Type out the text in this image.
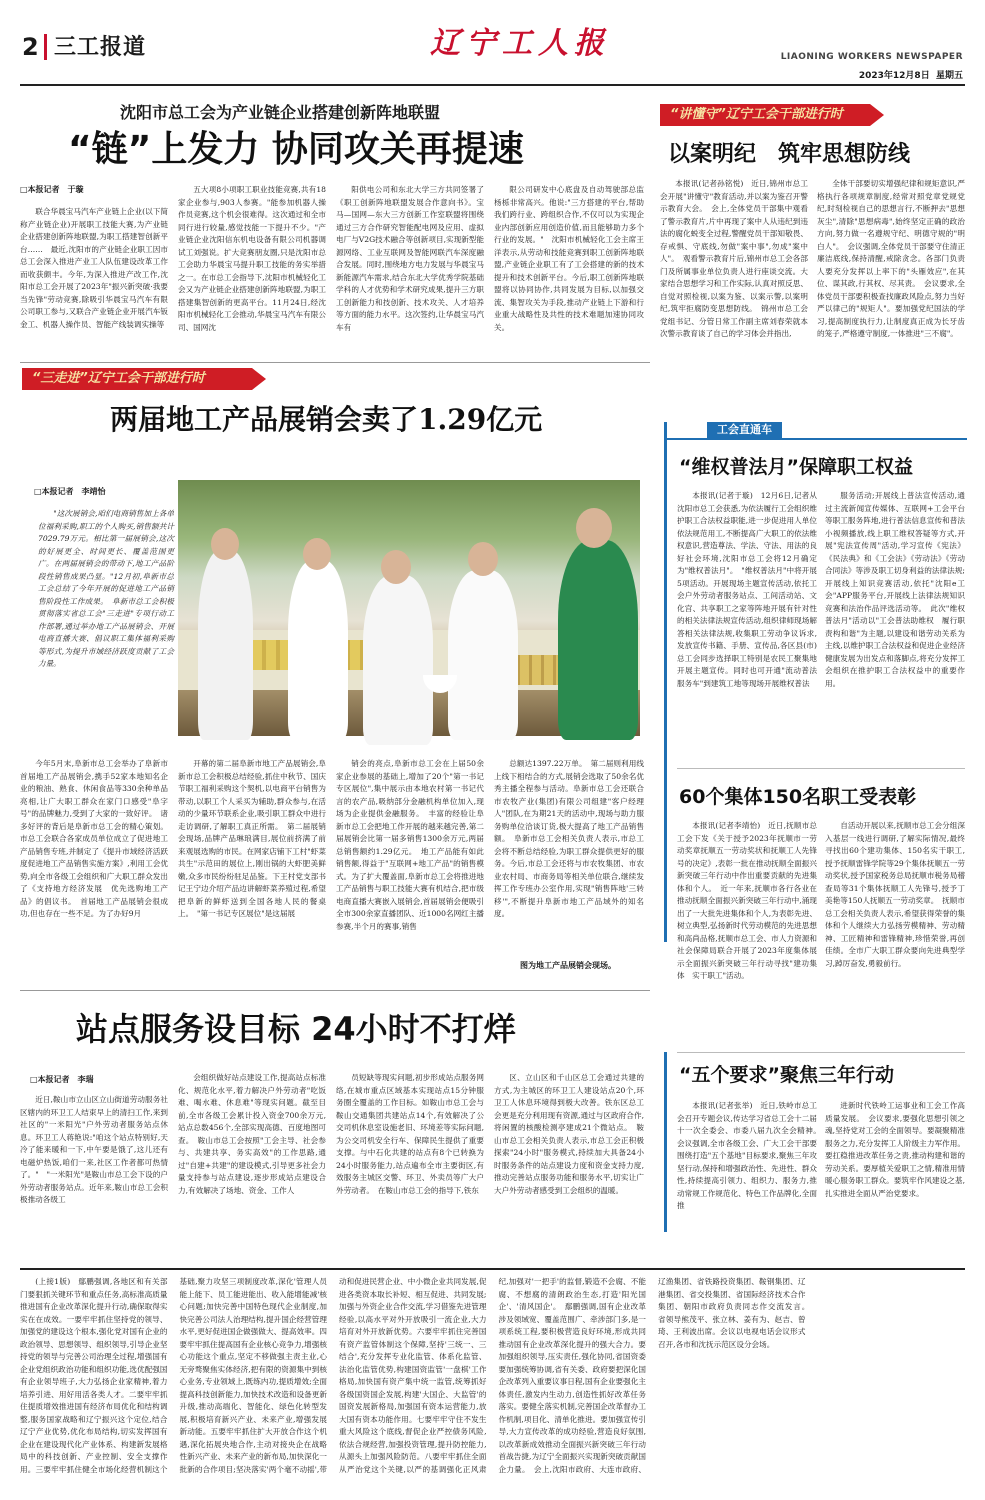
2 三工报道	辽宁工人报	LIAONING WORKERS NEWSPAPER
2023年12月8日 星期五
沈阳市总工会为产业链企业搭建创新阵地联盟
“链”上发力 协同攻关再提速
□本报记者　于璇
联合华晨宝马汽车产业链上企业(以下简称产业链企业)开展职工技能大赛,为产业链企业搭建创新阵地联盟,为职工搭建智创新平台……　最近,沈阳市的产业链企业职工因市总工会深入推进产业工人队伍建设改革工作而收获颇丰。今年,为深入推进产改工作,沈阳市总工会开展了2023年"振兴新突破·我要当先锋"劳动竞赛,除吸引华晨宝马汽车有限公司职工参与,又联合产业链企业开展汽车钣金工、机器人操作员、智能产线装调实操等
五大项8小项职工职业技能竞赛,共有18家企业参与,903人参赛。"能参加机器人操作员竞赛,这个机会很难得。这次通过和全市同行进行较量,感觉技能一下提升不少。"产业链企业沈阳信东机电设备有限公司机器调试工刘强说。扩大竞赛朋友圈,只是沈阳市总工会助力华晨宝马提升职工技能的务实举措之一。在市总工会指导下,沈阳市机械轻化工会又为产业链企业搭建创新阵地联盟,为职工搭建集智创新的更高平台。11月24日,经沈阳市机械轻化工会推动,华晨宝马汽车有限公司、国网沈
阳供电公司和东北大学三方共同签署了《职工创新阵地联盟发展合作意向书》。宝马—国网—东大三方创新工作室联盟将围绕通过三方合作研究智能配电网及应用、虚拟电厂与V2G技术融合等创新项目,实现新型能源网络、工业互联网及智能网联汽车深度融合发展。同时,围绕地方电力发展与华晨宝马新能源汽车需求,结合东北大学优秀学院基础学科的人才优势和学术研究成果,提升三方职工创新能力和技创新、技术攻关、人才培养等方面的能力水平。这次签约,让华晨宝马汽车有
限公司研发中心底盘及自动驾驶部总监杨栎非常高兴。他说:"三方搭建的平台,帮助我们跨行业、跨组织合作,不仅可以为实现企业内部创新应用创造价值,而且能够助力多个行业的发展。"　沈阳市机械轻化工会主席王洋表示,从劳动和技能竞赛到职工创新阵地联盟,产业链企业职工有了工会搭建的新的技术提升和技术创新平台。今后,职工创新阵地联盟将以协同协作,共同发展为目标,以加强交流、集智攻关为手段,推动产业链上下游和行业重大战略性及共性的技术难题加速协同攻关。
“讲懂守”辽宁工会干部进行时
以案明纪　筑牢思想防线
本报讯(记者孙铭悦)　近日,锦州市总工会开展"讲懂守"教育活动,并以案为鉴召开警示教育大会。　会上,全体党员干部集中观看了警示教育片,片中再现了案中人从违纪到违法的腐化蜕变全过程,警醒党员干部知敬畏、存戒惧、守底线,勿做"案中事",勿成"案中人"。　观看警示教育片后,锦州市总工会各部门及所属事业单位负责人进行座谈交流。大家结合思想学习和工作实际,认真对照反思、自觉对照检视,以案为鉴、以案示警,以案明纪,筑牢拒腐防变思想防线。　锦州市总工会党组书记、分管日常工作副主席刘春荣就本次警示教育谈了自己的学习体会并指出,
全体干部要切实增强纪律和规矩意识,严格执行各项规章制度,经常对照党章党规党纪,时刻检视自己的思想言行,不断押去"思想灰尘",清除"思想病毒",始终坚定正确的政治方向,努力做一名遵规守纪、明德守规的"明白人"。　会议强调,全体党员干部要守住清正廉洁底线,保持清醒,戒除贪念。各部门负责人要充分发挥以上率下的"头雁效应",在其位、谋其政,行其权、尽其责。　会议要求,全体党员干部要积极查找廉政风险点,努力当好严以律己的"规矩人"。要加强党纪国法的学习,提高制度执行力,让制度真正成为长牙齿的笼子,严格遵守制度,一体推进"三不腐"。
“三走进”辽宁工会干部进行时
两届地工产品展销会卖了1.29亿元
□本报记者　李靖怡
"这次展销会,咱们电商销售加上各单位福利采购,职工的个人购买,销售额共计7029.79万元。相比第一届展销会,这次的好展更全、时间更长、覆盖范围更广。在两届展销会的带动下,地工产品阶段性销售成果凸显。"12月初,阜新市总工会总结了今年开展的促进地工产品销售阶段性工作成果。　阜新市总工会积极贯彻落实省总工会"三走进"专项行动工作部署,通过举办地工产品展销会、开展电商直播大赛、倡议职工集体福利采购等形式,为提升市域经济跃度贡献了工会力量。
今年5月末,阜新市总工会举办了阜新市首届地工产品展销会,携手52家本地知名企业的粮油、熟食、休闲食品等330余种单品亮相,让广大职工群众在家门口感受"阜字号"的品牌魅力,受到了大家的一致好评。　诸多好评的背后是阜新市总工会的精心策划。市总工会联合各家成员单位成立了促进地工产品销售专班,并制定了《提升市域经济活跃度促进地工产品销售实施方案》,利用工会优势,向全市各级工会组织和广大职工群众发出了《支持地方经济发展　优先选购地工产品》的倡议书。　首届地工产品展销会很成功,但也存在一些不足。为了办好9月
开幕的第二届阜新市地工产品展销会,阜新市总工会积极总结经验,抓住中秋节、国庆节职工福利采购这个契机,以电商平台销售为带动,以职工个人采买为辅助,群众参与,在活动的少量环节联系企业,吸引职工群众中进行走访调研,了解职工真正所需。　第二届展销会现场,品牌产品琳琅满目,展位前挤满了前来观展选购的市民。在网家店铺下工村"虾菜共生"示范田的展位上,刚出锅的大虾肥美鲜嫩,众多市民纷纷驻足品鉴。下王村党支部书记王宁边介绍产品边讲解虾菜养殖过程,希望把阜新的鲜虾送到全国各地人民的餐桌上。　"第一书记专区展位"是这届展
销会的亮点,阜新市总工会在上届50余家企业参展的基础上,增加了20个"第一书记专区展位",集中展示由本地农村第一书记代言的农产品,吸纳部分金融机构单位加入,现场为企业提供金融服务。　丰富的经验让阜新市总工会把地工作开展的越来越完善,第二届展销会比第一届多销售1300余万元,两届总销售额约1.29亿元。　地工产品能有如此销售额,得益于"互联网+地工产品"的销售模式。为了扩大覆盖面,阜新市总工会将推进地工产品销售与职工技能大赛有机结合,把市级电商直播大赛嵌入展销会,首届展销会便吸引全市300余家直播团队、近1000名网红主播参赛,半个月的赛事,销售
总额达1397.22万单。　第二届则利用线上线下相结合的方式,展销会选取了50余名优秀主播全程参与活动。阜新市总工会还联合市农牧产业(集团)有限公司组建"客户经理人"团队,在为期21天的活动中,现场与助力服务购单位洽谈订货,极大提高了地工产品销售额。　阜新市总工会相关负责人表示,市总工会将不断总结经验,为职工群众提供更好的服务。今后,市总工会还将与市农牧集团、市农业农村局、市商务局等相关单位联合,继续发挥工作专班办公室作用,实现"销售阵地'三转移'",不断提升阜新市地工产品域外的知名度。
图为地工产品展销会现场。
工会直通车
“维权普法月”保障职工权益
本报讯(记者于璇)　12月6日,记者从沈阳市总工会获悉,为依法履行工会组织维护职工合法权益职能,进一步促进用人单位依法规范用工,不断提高广大职工的依法维权意识,营造尊法、学法、守法、用法的良好社会环境,沈阳市总工会将12月确定为"维权普法月"。　"维权普法月"中将开展5项活动。开展现场主题宣传活动,依托工会户外劳动者服务站点、工间活动站、文化宫、共享职工之家等阵地开展有针对性的相关法律法规宣传活动,组织律师现场解答相关法律法规,收集职工劳动争议诉求,发放宣传书籍、手册、宣传品,各区县(市)总工会同步选择职工特别是农民工聚集地开展主题宣传。同时也可开通"流动普法服务车"到建筑工地等现场开展维权普法
服务活动;开展线上普法宣传活动,通过主流新闻宣传媒体、互联网+工会平台等职工服务阵地,进行普法信息宣传和普法小视频播放,线上职工维权答疑等方式,开展"宪法宣传周"活动,学习宣传《宪法》《民法典》和《工会法》《劳动法》《劳动合同法》等涉及职工切身利益的法律法规;开展线上知识竞赛活动,依托"沈阳e工会"APP服务平台,开展线上法律法规知识竞赛和法治作品评选活动等。　此次"维权普法月"活动以"工会普法助维权　履行职责构和谐"为主题,以建设和谐劳动关系为主线,以维护职工合法权益和促进企业经济健康发展为出发点和落脚点,将充分发挥工会组织在推护职工合法权益中的重要作用。
60个集体150名职工受表彰
本报讯(记者李靖怡)　近日,抚顺市总工会下发《关于授予2023年抚顺市一劳动奖章抚顺五一劳动奖状和抚顺工人先锋号的决定》,表彰一批在推动抚顺全面振兴新突破三年行动中作出重要贡献的先进集体和个人。　近一年来,抚顺市各行各业在推动抚顺全面振兴新突破三年行动中,涌现出了一大批先进集体和个人,为表彰先进、树立典型,弘扬新时代劳动模范的先进思想和高尚品格,抚顺市总工会、市人力资源和社会保障局联合开展了2023年度集体展示全面振兴新突破三年行动寻找"建功集体　实干职工"活动。
自活动开展以来,抚顺市总工会分组深入基层一线进行调研,了解实际情况,最终寻找出60个建功集体、150名实干职工,授予抚顺雷锋学院等29个集体抚顺五一劳动奖状,授予国家税务总局抚顺市税务局稽查局等31个集体抚顺工人先锋号,授予丁美艳等150人抚顺五一劳动奖章。　抚顺市总工会相关负责人表示,希望获得荣誉的集体和个人继续大力弘扬劳模精神、劳动精神、工匠精神和雷锋精神,珍惜荣誉,再创佳绩。全市广大职工群众要向先进典型学习,踔厉奋发,勇毅前行。
“五个要求”聚焦三年行动
本报讯(记者张举)　近日,铁岭市总工会召开专题会议,传达学习省总工会十二届十一次全委会、市委八届九次全会精神。　会议强调,全市各级工会、广大工会干部要围绕打造"五个基地"目标要求,聚焦三年攻坚行动,保持和增强政治性、先进性、群众性,持续提高引领力、组织力、服务力,推动常规工作规范化、特色工作品牌化,全面推
进新时代铁岭工运事业和工会工作高质量发展。　会议要求,要强化思想引领之魂,坚持党对工会的全面领导。要凝聚精准服务之力,充分发挥工人阶级主力军作用。要扛稳推进改革任务之责,推动构建和谐的劳动关系。要厚植关爱职工之情,精准用情暖心服务职工群众。要筑牢作风建设之基,扎实推进全面从严治党要求。
站点服务设目标 24小时不打烊
□本报记者　李瑞
近日,鞍山市立山区立山街道劳动服务社区辖内的环卫工人结束早上的清扫工作,来到社区的"一米阳光"户外劳动者服务站点休息。环卫工人蒋艳说:"咱这个站点特别好,天冷了能来暖和一下,中午要是饿了,这儿还有电磁炉热饭,咱们一来,社区工作者都可热情了。"　"一米阳光"是鞍山市总工会下设的户外劳动者服务站点。近年来,鞍山市总工会积极推动各级工
会组织做好站点建设工作,提高站点标准化、规范化水平,着力解决户外劳动者"吃饭难、喝水难、休息难"等现实问题。截至目前,全市各级工会累计投入资金700余万元,站点总数456个,全部实现高德、百度地图可查。　鞍山市总工会按照"工会主导、社会参与、共建共享、务实高效"的工作思路,通过"自建+共建"的建设模式,引导更多社会力量支持参与站点建设,逐步形成站点建设合力,有效解决了场地、资金、工作人
员短缺等现实问题,初步形成站点服务网络,在城市重点区域基本实现站点15分钟服务圈全覆盖的工作目标。如鞍山市总工会与鞍山交通集团共建站点14个,有效解决了公交司机休息室设施老旧、环境差等实际问题,为公交司机安全行车、保障民生提供了重要支撑。与中石化共建的站点有8个已转换为24小时服务能力,站点遍布全市主要街区,有效服务主城区交警、环卫、外卖员等广大户外劳动者。　在鞍山市总工会的指导下,铁东
区、立山区和千山区总工会通过共建的方式,为主城区的环卫工人建设站点20个,环卫工人休息环境得到极大改善。铁东区总工会更是充分利用现有资源,通过与区政府合作,将闲置的核酸检测亭建成21个微站点。　鞍山市总工会相关负责人表示,市总工会正积极探索"24小时"服务模式,持续加大具备24小时服务条件的站点建设力度和资金支持力度,推动完善站点服务功能和服务水平,切实让广大户外劳动者感受到工会组织的温暖。
(上接1版)　鄢鹏强调,各地区和有关部门要狠抓关键环节和重点任务,高标准高质量推进国有企业改革深化提升行动,确保取得实实在在成效。一要牢牢抓住坚持党的领导、加强党的建设这个根本,强化党对国有企业的政治领导、思想领导、组织领导,引导企业坚持党的领导与完善公司治理全过程,增强国有企业党组织政治功能和组织功能,选优配强国有企业领导班子,大力弘扬企业家精神,着力培养引进、用好用活各类人才。二要牢牢抓住提质增效推进国有经济布局优化和结构调整,服务国家战略和辽宁振兴这个定位,结合辽宁产业优势,优化布局结构,切实发挥国有企业在建设现代化产业体系、构建新发展格局中的科技创新、产业控制、安全支撑作用。三要牢牢抓住健全市场化经营机制这个基础,聚力攻坚三项制度改革,深化'管理人员能上能下、员工能进能出、收入能增能减'核心问题;加快完善中国特色现代企业制度,加快完善公司法人治理结构,提升国企经营管理水平,更好促进国企做强做大、提高效率。四要牢牢抓住提高国有企业核心竞争力,增强核心功能这个重点,坚定不移做强主责主业,心无旁骛聚焦实体经济,把有限的资源集中到核心业务,专业领域上,既练内功,提质增效;全面提高科技创新能力,加快技术改造和设备更新升级,推动高端化、智能化、绿色化转型发展,积极培育新兴产业、未来产业,增强发展新动能。五要牢牢抓住扩大开放合作这个机遇,深化拓展央地合作,主动对接央企在战略性新兴产业、未来产业的新布局,加快深化一批新的合作项目;坚决落实'两个毫不动摇',带动和促进民营企业、中小微企业共同发展,促进各类资本取长补短、相互促进、共同发展;加强与外资企业合作交流,学习借鉴先进管理经验,以高水平对外开放吸引一流企业,大力培育对外开放新优势。六要牢牢抓住完善国有资产监管体制这个保障,坚持'三统一、三结合',充分发挥专业化监管、体系化监管、法治化监管优势,构建国资监管'一盘棋'工作格局,加快国有资产集中统一监管,统筹抓好各级国资国企发展,构建'大国企、大监管'的国资发展新格局,加强国有资本运营能力,放大国有资本功能作用。七要牢牢守住不发生重大风险这个底线,督促企业严控债务风险,依法合规经营,加强投资管理,提升防控能力,从源头上加强风险防范。八要牢牢抓住全面从严治党这个关键,以严的基调强化正风肃纪,加强对'一把手'的监督,锻造不会腐、不能腐、不想腐的清朗政治生态,打造'阳光国企'、'清风国企'。　鄢鹏强调,国有企业改革涉及领域宽、覆盖范围广、牵涉部门多,是一项系统工程,要积极营造良好环境,形成共同推动国有企业改革深化提升的强大合力。要加强组织领导,压实责任,强化协同,省国资委要加强统筹协调,省有关委、政府要把深化国企改革列入重要议事日程,国有企业要强化主体责任,激发内生动力,创造性抓好改革任务落实。要健全落实机制,完善国企改革督办工作机制,项目化、清单化推进。要加强宣传引导,大力宣传改革的成功经验,营造良好氛围,以改革新成效推动全面振兴新突破三年行动首战告捷,为辽宁全面振兴实现新突破贡献国企力量。　会上,沈阳市政府、大连市政府、辽渔集团、省铁路投资集团、鞍钢集团、辽港集团、省交投集团、省国际经济技术合作集团、朝阳市政府负责同志作交流发言。　省领导熊茂平、张立林、姜有为、赵吉、曾琦、王利波出席。会议以电视电话会议形式召开,各市和沈抚示范区设分会场。
